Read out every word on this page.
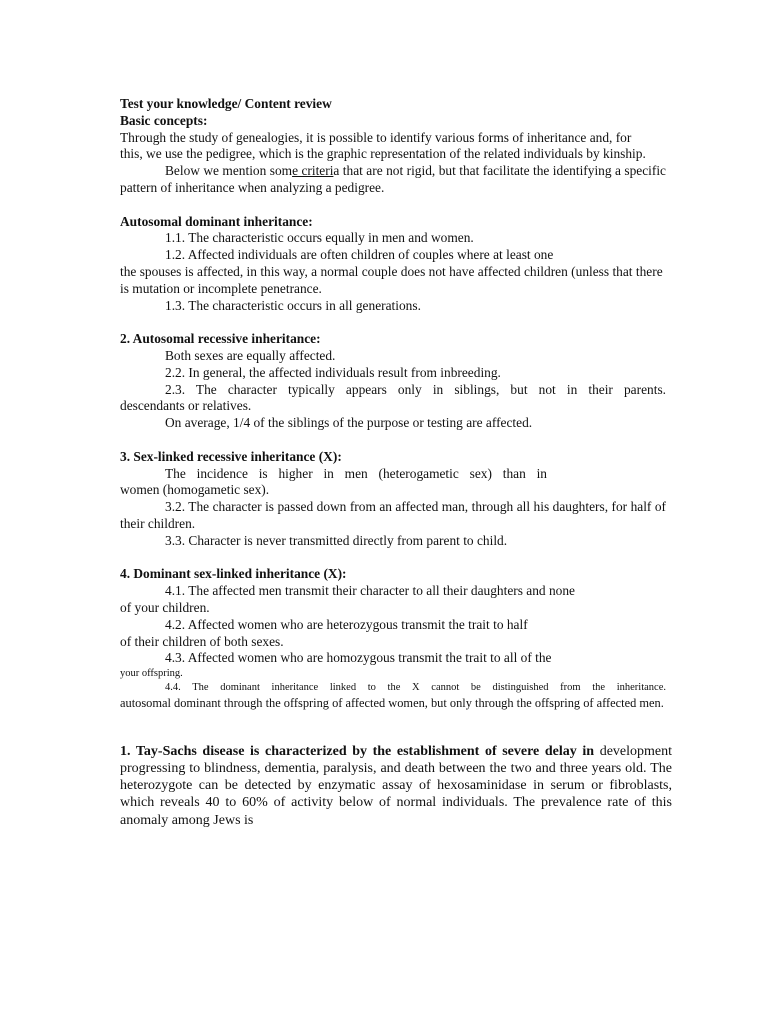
Test your knowledge/ Content review

Basic concepts:

Through the study of genealogies, it is possible to identify various forms of inheritance and, for this, we use the pedigree, which is the graphic representation of the related individuals by kinship.

Below we mention some criteria that are not rigid, but that facilitate the identifying a specific pattern of inheritance when analyzing a pedigree.

Autosomal dominant inheritance:

1.1. The characteristic occurs equally in men and women.

1.2. Affected individuals are often children of couples where at least one

the spouses is affected, in this way, a normal couple does not have affected children (unless that there is mutation or incomplete penetrance.

1.3. The characteristic occurs in all generations.

2. Autosomal recessive inheritance:

Both sexes are equally affected.

2.2. In general, the affected individuals result from inbreeding.

2.3. The character typically appears only in siblings, but not in their parents.

descendants or relatives.

On average, 1/4 of the siblings of the purpose or testing are affected.

3. Sex-linked recessive inheritance (X):

The incidence is higher in men (heterogametic sex) than in

women (homogametic sex).

3.2. The character is passed down from an affected man, through all his daughters, for half of their children.

3.3. Character is never transmitted directly from parent to child.

4. Dominant sex-linked inheritance (X):

4.1. The affected men transmit their character to all their daughters and none

of your children.

4.2. Affected women who are heterozygous transmit the trait to half

of their children of both sexes.

4.3. Affected women who are homozygous transmit the trait to all of the

your offspring.

4.4. The dominant inheritance linked to the X cannot be distinguished from the inheritance.

autosomal dominant through the offspring of affected women, but only through the offspring of affected men.

1. Tay-Sachs disease is characterized by the establishment of severe delay in development progressing to blindness, dementia, paralysis, and death between the two and three years old. The heterozygote can be detected by enzymatic assay of hexosaminidase in serum or fibroblasts, which reveals 40 to 60% of activity below of normal individuals. The prevalence rate of this anomaly among Jews is
